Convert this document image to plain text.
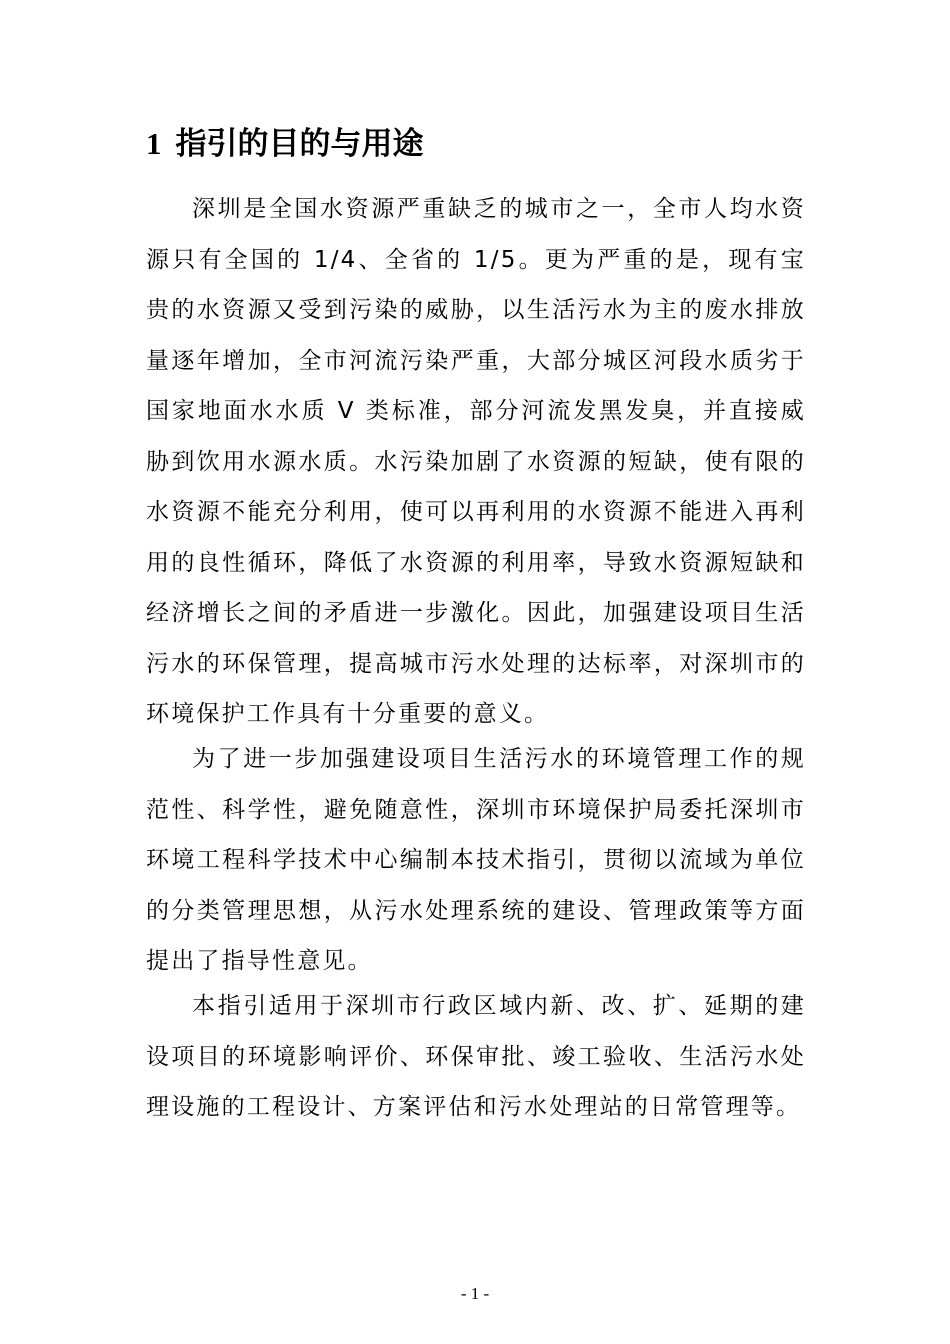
1 指引的目的与用途

深圳是全国水资源严重缺乏的城市之一，全市人均水资源只有全国的 1/4、全省的 1/5。更为严重的是，现有宝贵的水资源又受到污染的威胁，以生活污水为主的废水排放量逐年增加，全市河流污染严重，大部分城区河段水质劣于国家地面水水质 V 类标准，部分河流发黑发臭，并直接威胁到饮用水源水质。水污染加剧了水资源的短缺，使有限的水资源不能充分利用，使可以再利用的水资源不能进入再利用的良性循环，降低了水资源的利用率，导致水资源短缺和经济增长之间的矛盾进一步激化。因此，加强建设项目生活污水的环保管理，提高城市污水处理的达标率，对深圳市的环境保护工作具有十分重要的意义。

为了进一步加强建设项目生活污水的环境管理工作的规范性、科学性，避免随意性，深圳市环境保护局委托深圳市环境工程科学技术中心编制本技术指引，贯彻以流域为单位的分类管理思想，从污水处理系统的建设、管理政策等方面提出了指导性意见。

本指引适用于深圳市行政区域内新、改、扩、延期的建设项目的环境影响评价、环保审批、竣工验收、生活污水处理设施的工程设计、方案评估和污水处理站的日常管理等。

- 1 -
